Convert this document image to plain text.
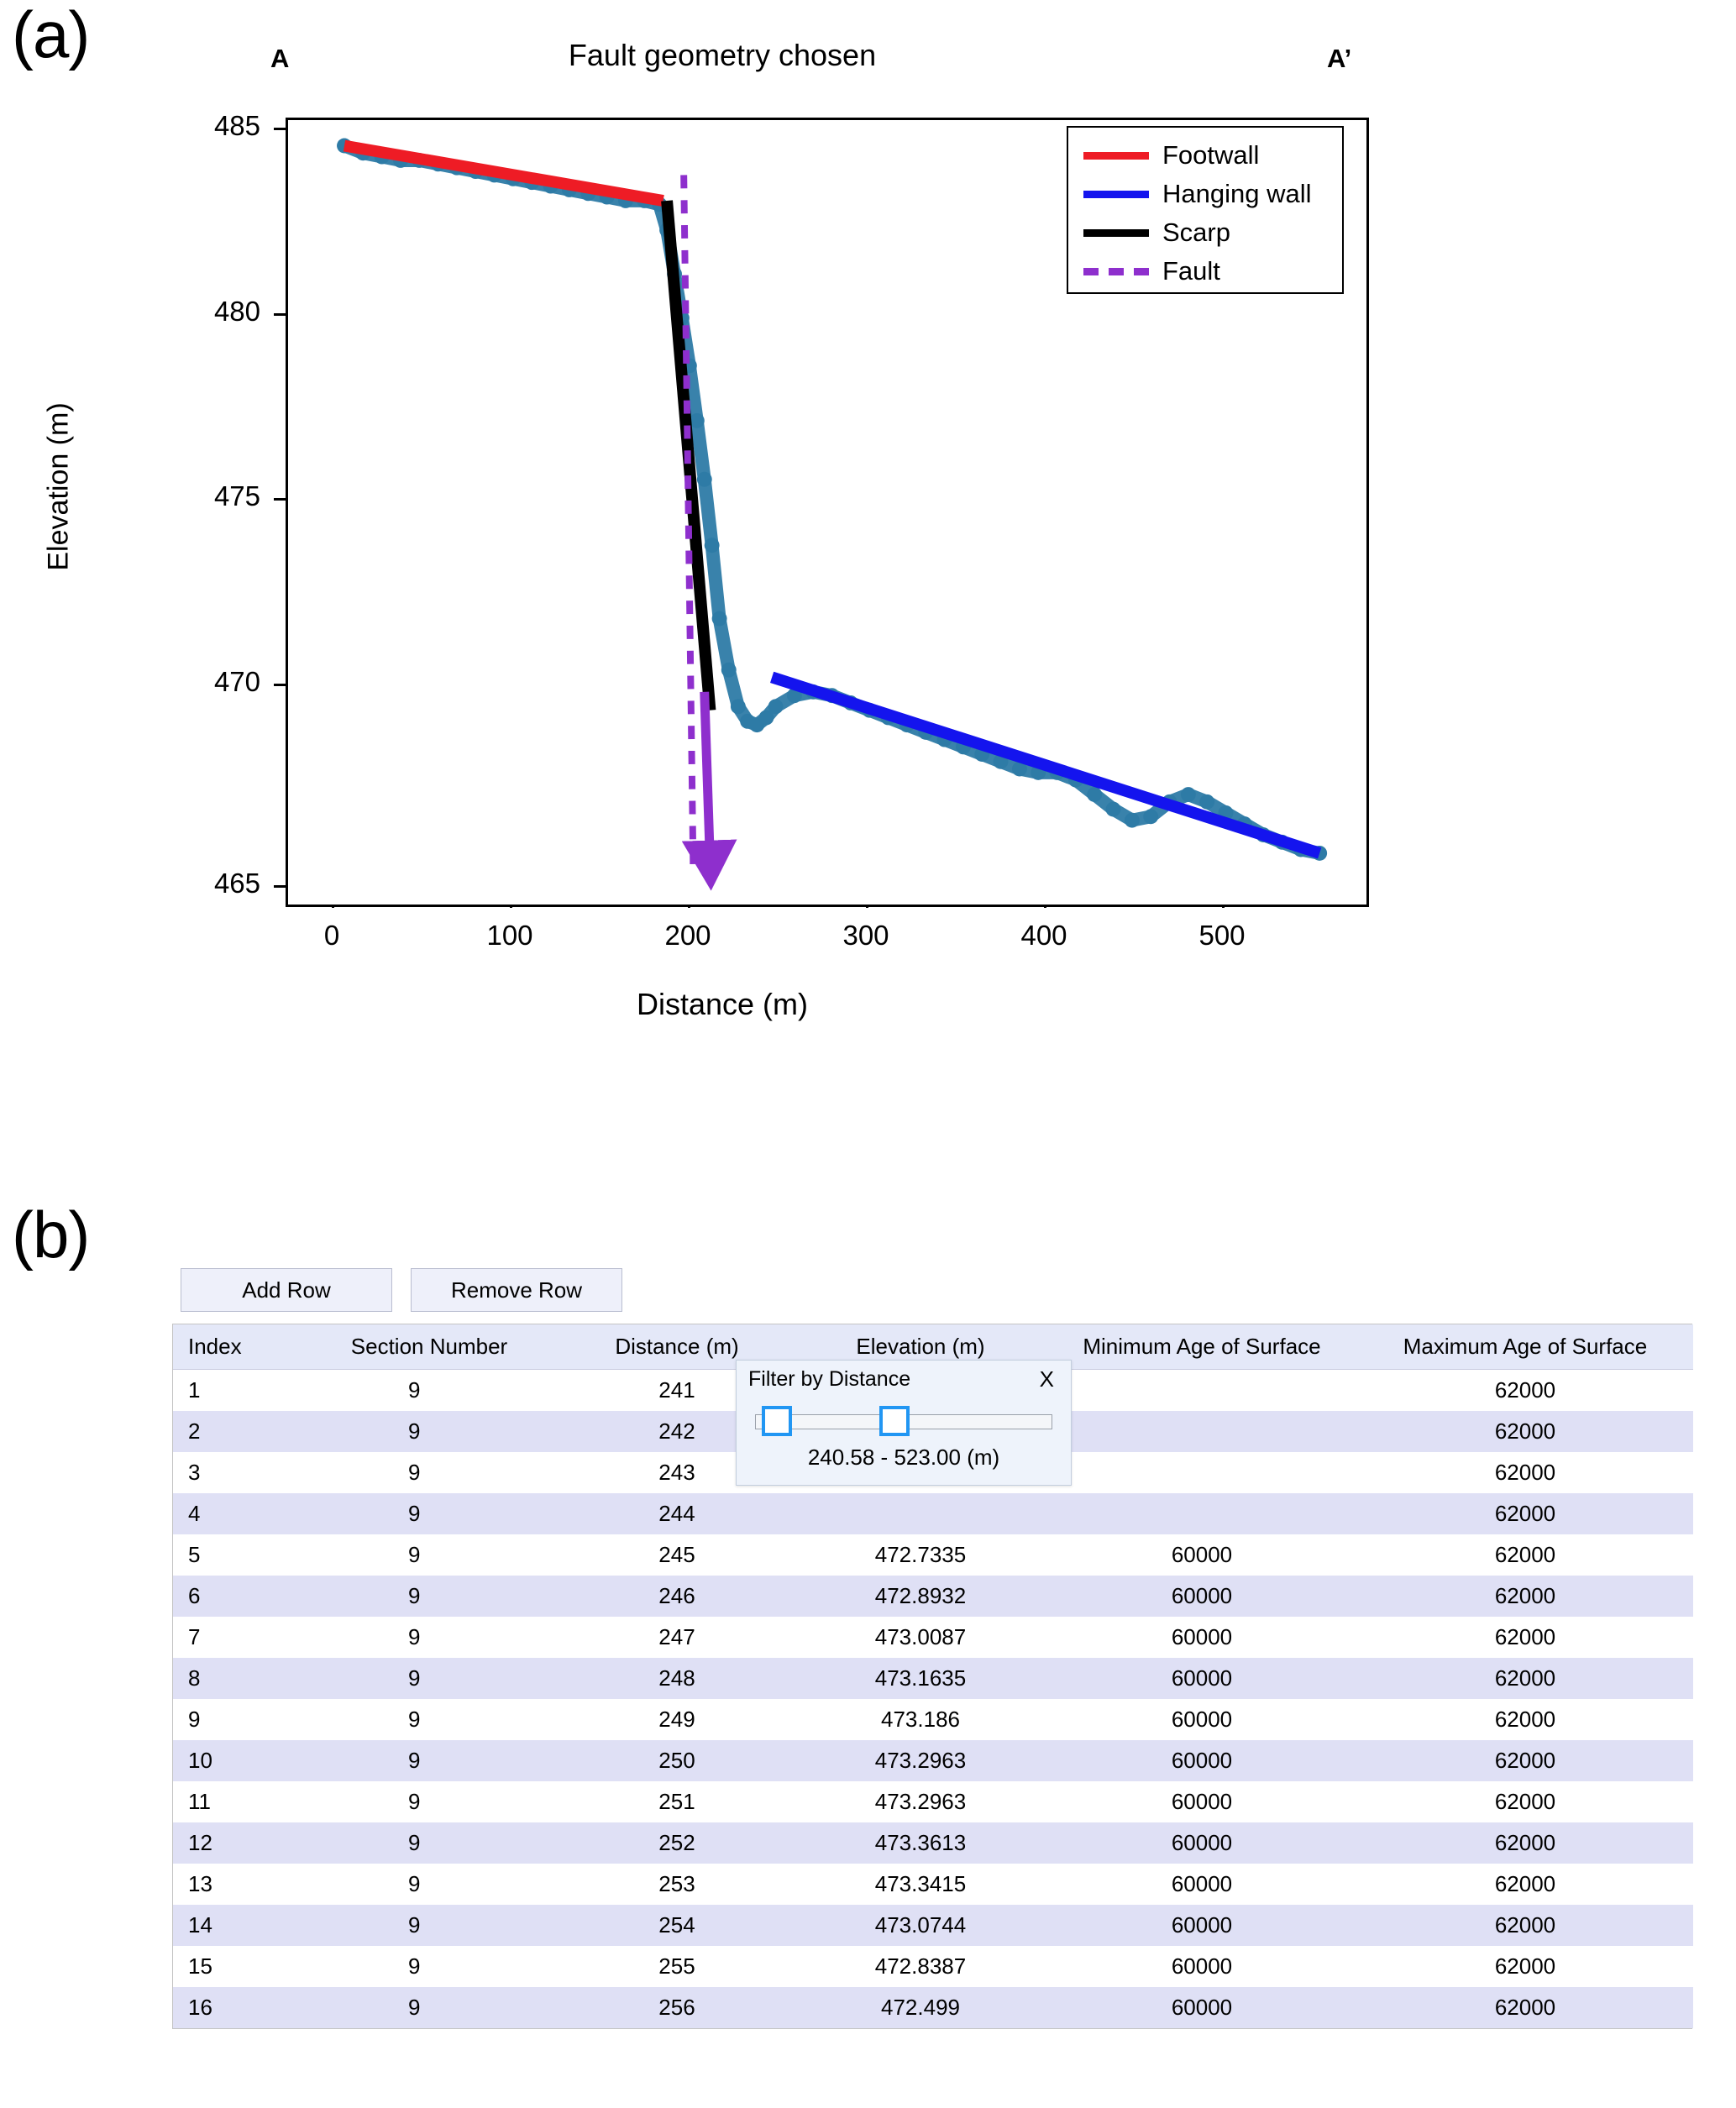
(a)
(b)
Fault geometry chosen
A	A’
Elevation (m)
Distance (m)
485
480
475
470
465
0	100	200	300	400	500
Footwall
Hanging wall
Scarp
Fault
Add Row	Remove Row
Index	Section Number	Distance (m)	Elevation (m)	Minimum Age of Surface	Maximum Age of Surface
1	9	241			62000
2	9	242			62000
3	9	243			62000
4	9	244			62000
5	9	245	472.7335	60000	62000
6	9	246	472.8932	60000	62000
7	9	247	473.0087	60000	62000
8	9	248	473.1635	60000	62000
9	9	249	473.186	60000	62000
10	9	250	473.2963	60000	62000
11	9	251	473.2963	60000	62000
12	9	252	473.3613	60000	62000
13	9	253	473.3415	60000	62000
14	9	254	473.0744	60000	62000
15	9	255	472.8387	60000	62000
16	9	256	472.499	60000	62000
Filter by Distance	X
240.58 - 523.00 (m)
